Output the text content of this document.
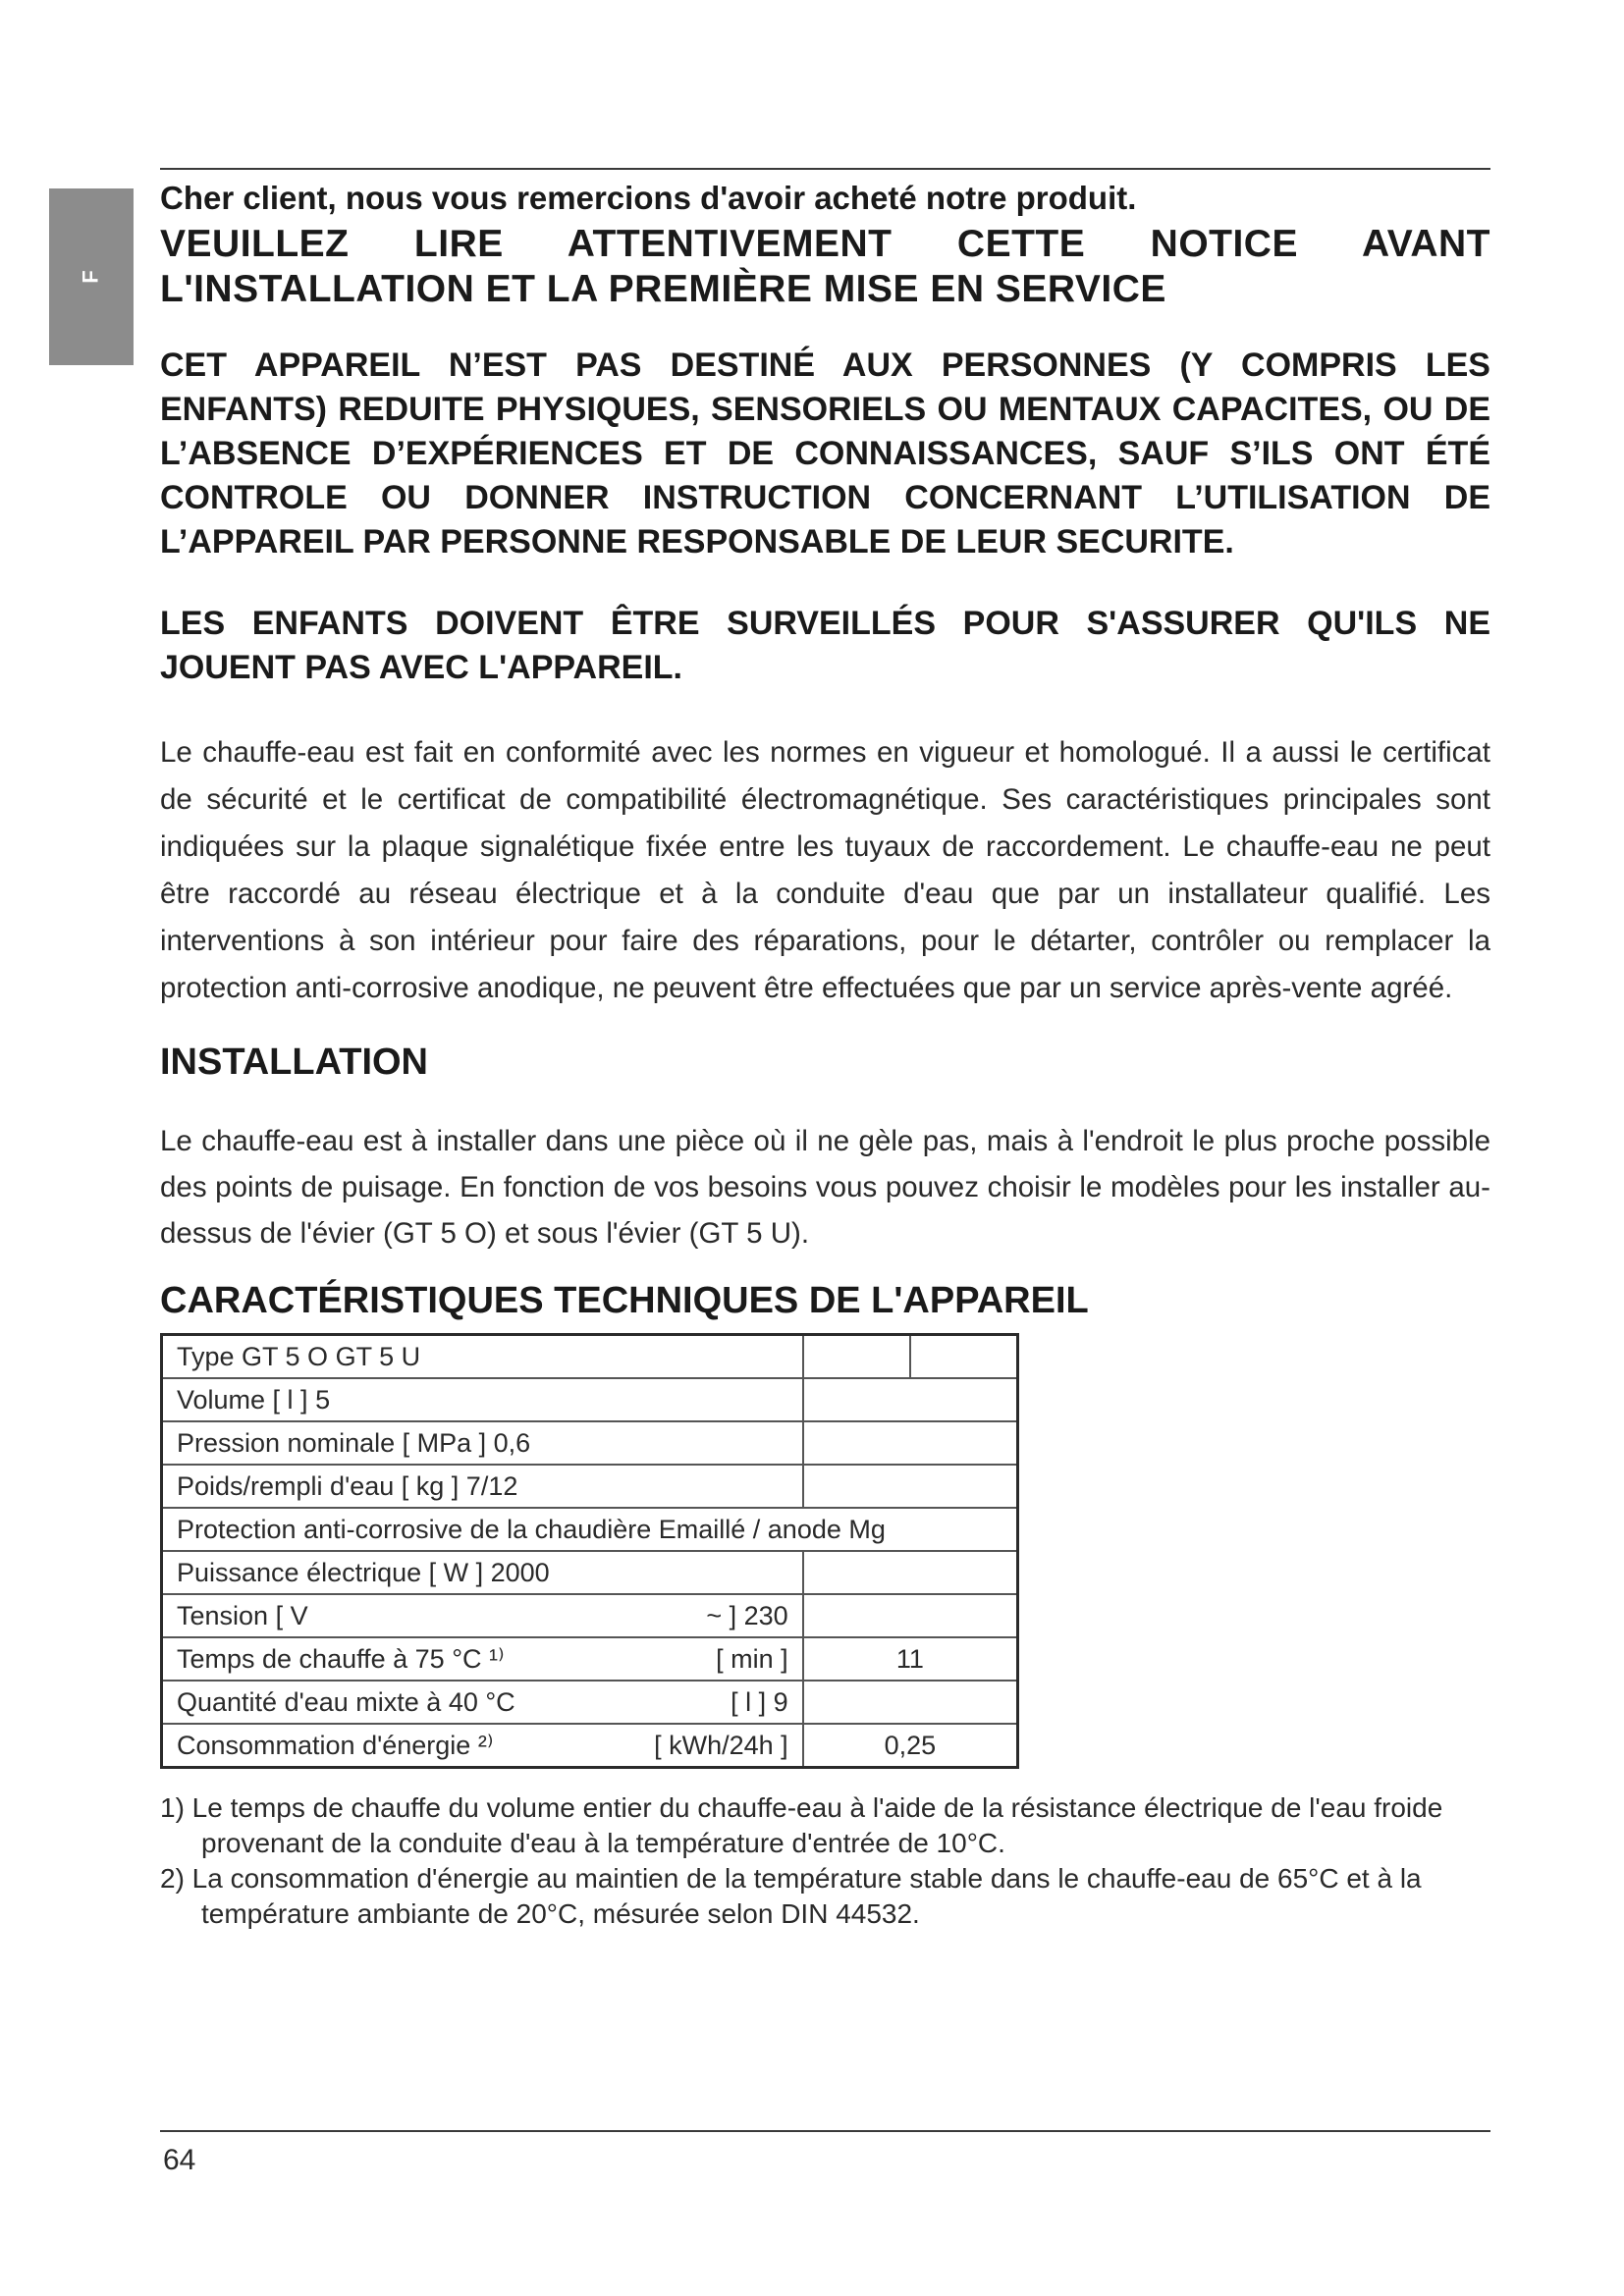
F

Cher client, nous vous remercions d'avoir acheté notre produit.

VEUILLEZ LIRE ATTENTIVEMENT CETTE NOTICE AVANT L'INSTALLATION ET LA PREMIÈRE MISE EN SERVICE

CET APPAREIL N’EST PAS DESTINÉ AUX PERSONNES (Y COMPRIS LES ENFANTS) REDUITE PHYSIQUES, SENSORIELS OU MENTAUX CAPACITES, OU DE L’ABSENCE D’EXPÉRIENCES ET DE CONNAISSANCES, SAUF S’ILS ONT ÉTÉ CONTROLE OU DONNER INSTRUCTION CONCERNANT L’UTILISATION DE L’APPAREIL PAR PERSONNE RESPONSABLE DE LEUR SECURITE.

LES ENFANTS DOIVENT ÊTRE SURVEILLÉS POUR S'ASSURER QU'ILS NE JOUENT PAS AVEC L'APPAREIL.

Le chauffe-eau est fait en conformité avec les normes en vigueur et homologué. Il a aussi le certificat de sécurité et le certificat de compatibilité électromagnétique. Ses caractéristiques principales sont indiquées sur la plaque signalétique fixée entre les tuyaux de raccordement. Le chauffe-eau ne peut être raccordé au réseau électrique et à la conduite d'eau que par un installateur qualifié. Les interventions à son intérieur pour faire des réparations, pour le détarter, contrôler ou remplacer la protection anti-corrosive anodique, ne peuvent être effectuées que par un service après-vente agréé.

INSTALLATION

Le chauffe-eau est à installer dans une pièce où il ne gèle pas, mais à l'endroit le plus proche possible des points de puisage. En fonction de vos besoins vous pouvez choisir le modèles pour les installer au-dessus de l'évier (GT 5 O) et sous l'évier (GT 5 U).

CARACTÉRISTIQUES TECHNIQUES DE L'APPAREIL
Type GT 5 O GT 5 U

Volume [ l ] 5	

Pression nominale [ MPa ] 0,6	

Poids/rempli d'eau [ kg ] 7/12	

Protection anti-corrosive de la chaudière Emaillé / anode Mg		
Puissance électrique [ W ] 2000	

Tension [ V ~ ] 230		

Temps de chauffe à 75 °C ¹⁾ [ min ]	11	
Quantité d'eau mixte à 40 °C [ l ] 9		

Consommation d'énergie ²⁾ [ kWh/24h ]	0,25	
1) Le temps de chauffe du volume entier du chauffe-eau à l'aide de la résistance électrique de l'eau froide provenant de la conduite d'eau à la température d'entrée de 10°C.
2) La consommation d'énergie au maintien de la température stable dans le chauffe-eau de 65°C et à la température ambiante de 20°C, mésurée selon DIN 44532.
64
